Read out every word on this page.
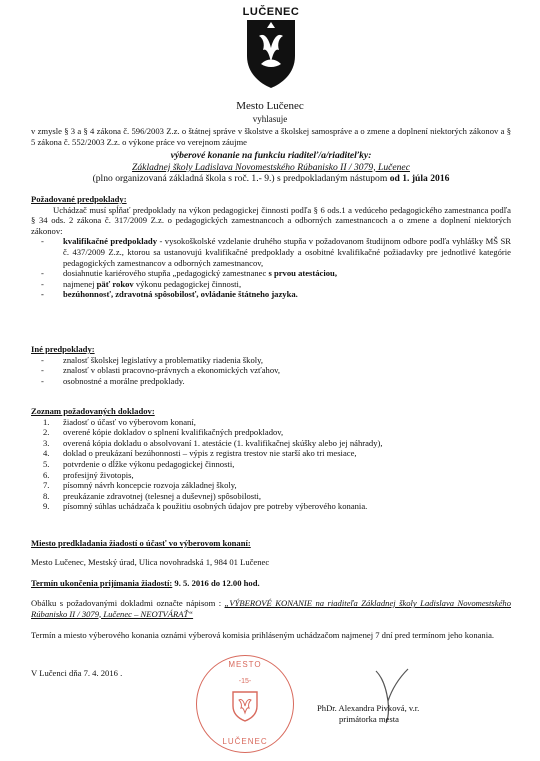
LUČENEC
Mesto Lučenec
vyhlasuje
v zmysle § 3 a § 4 zákona č. 596/2003 Z.z. o štátnej správe v školstve a školskej samospráve a o zmene a doplnení niektorých zákonov a § 5 zákona č. 552/2003 Z.z. o výkone práce vo verejnom záujme
výberové konanie na funkciu riaditeľ/a/riaditeľky:
Základnej školy Ladislava Novomestského Rúbanisko II / 3079, Lučenec
(plno organizovaná základná škola s roč. 1.- 9.) s predpokladaným nástupom od 1. júla 2016
Požadované predpoklady:
Uchádzač musí spĺňať predpoklady na výkon pedagogickej činnosti podľa § 6 ods.1 a vedúceho pedagogického zamestnanca podľa § 34 ods. 2 zákona č. 317/2009 Z.z. o pedagogických zamestnancoch a odborných zamestnancoch a o zmene a doplnení niektorých zákonov:
- kvalifikačné predpoklady - vysokoškolské vzdelanie druhého stupňa v požadovanom študijnom odbore podľa vyhlášky MŠ SR č. 437/2009 Z.z., ktorou sa ustanovujú kvalifikačné predpoklady a osobitné kvalifikačné požiadavky pre jednotlivé kategórie pedagogických zamestnancov a odborných zamestnancov,
- dosiahnutie kariérového stupňa „pedagogický zamestnanec s prvou atestáciou,
- najmenej päť rokov výkonu pedagogickej činnosti,
- bezúhonnosť, zdravotná spôsobilosť, ovládanie štátneho jazyka.
Iné predpoklady:
- znalosť školskej legislatívy a problematiky riadenia školy,
- znalosť v oblasti pracovno-právnych a ekonomických vzťahov,
- osobnostné a morálne predpoklady.
Zoznam požadovaných dokladov:
1. žiadosť o účasť vo výberovom konaní,
2. overené kópie dokladov o splnení kvalifikačných predpokladov,
3. overená kópia dokladu o absolvovaní 1. atestácie (1. kvalifikačnej skúšky alebo jej náhrady),
4. doklad o preukázaní bezúhonnosti – výpis z registra trestov nie starší ako tri mesiace,
5. potvrdenie o dĺžke výkonu pedagogickej činnosti,
6. profesijný životopis,
7. písomný návrh koncepcie rozvoja základnej školy,
8. preukázanie zdravotnej (telesnej a duševnej) spôsobilosti,
9. písomný súhlas uchádzača k použitiu osobných údajov pre potreby výberového konania.
Miesto predkladania žiadostí o účasť vo výberovom konaní:
Mesto Lučenec, Mestský úrad, Ulica novohradská 1, 984 01 Lučenec
Termín ukončenia prijímania žiadostí: 9. 5. 2016 do 12.00 hod.
Obálku s požadovanými dokladmi označte nápisom : „VÝBEROVÉ KONANIE na riaditeľa Základnej školy Ladislava Novomestského Rúbanisko II / 3079, Lučenec – NEOTVÁRAŤ“
Termín a miesto výberového konania oznámi výberová komisia prihláseným uchádzačom najmenej 7 dní pred termínom jeho konania.
V Lučenci dňa 7. 4. 2016 .
MESTO
-15-
LUČENEC
PhDr. Alexandra Pivková, v.r.
primátorka mesta
